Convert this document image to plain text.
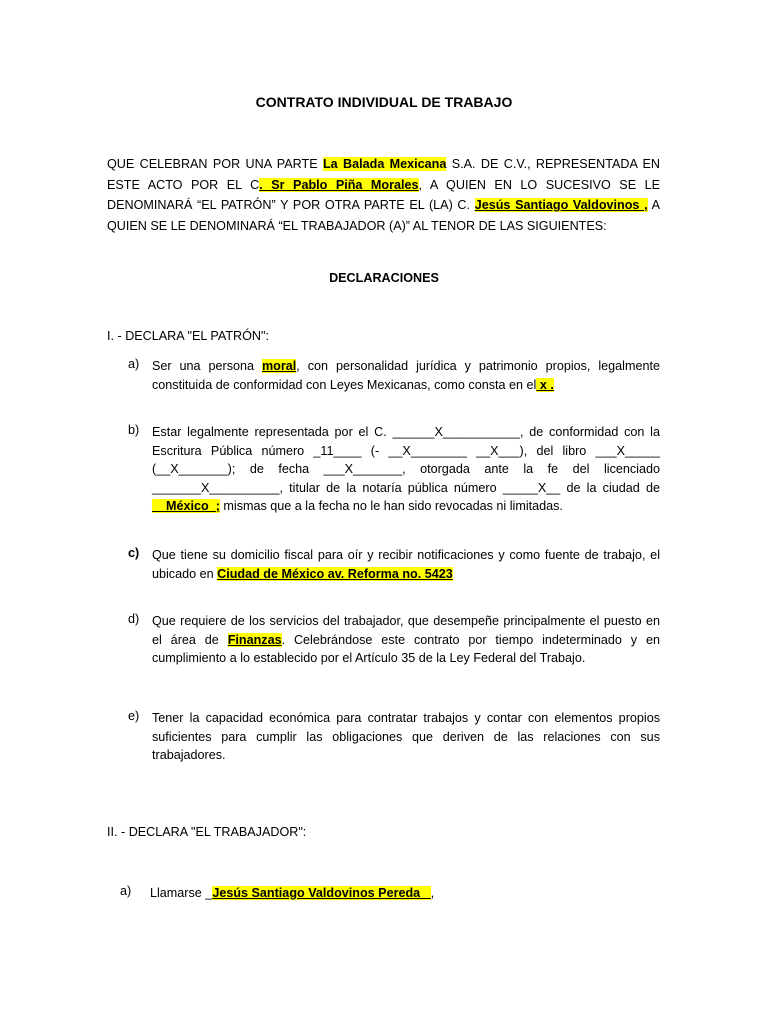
CONTRATO INDIVIDUAL DE TRABAJO
QUE CELEBRAN POR UNA PARTE La Balada Mexicana S.A. DE C.V., REPRESENTADA EN ESTE ACTO POR EL C. Sr Pablo Piña Morales, A QUIEN EN LO SUCESIVO SE LE DENOMINARÁ “EL PATRÓN” Y POR OTRA PARTE EL (LA) C. Jesús Santiago Valdovinos , A QUIEN SE LE DENOMINARÁ “EL TRABAJADOR (A)” AL TENOR DE LAS SIGUIENTES:
DECLARACIONES
I. - DECLARA "EL PATRÓN":
a)	Ser una persona moral, con personalidad jurídica y patrimonio propios, legalmente constituida de conformidad con Leyes Mexicanas, como consta en el x .
b)	Estar legalmente representada por el C. ______X___________, de conformidad con la Escritura Pública número _11____ (- __X________ __X___), del libro ___X_____ (__X_______); de fecha ___X_______, otorgada ante la fe del licenciado _______X__________, titular de la notaría pública número _____X__ de la ciudad de __México_; mismas que a la fecha no le han sido revocadas ni limitadas.
c)	Que tiene su domicilio fiscal para oír y recibir notificaciones y como fuente de trabajo, el ubicado en Ciudad de México av. Reforma no. 5423
d)	Que requiere de los servicios del trabajador, que desempeñe principalmente el puesto en el área de Finanzas. Celebrándose este contrato por tiempo indeterminado y en cumplimiento a lo establecido por el Artículo 35 de la Ley Federal del Trabajo.
e)	Tener la capacidad económica para contratar trabajos y contar con elementos propios suficientes para cumplir las obligaciones que deriven de las relaciones con sus trabajadores.
II. - DECLARA "EL TRABAJADOR":
a)	Llamarse _Jesús Santiago Valdovinos Pereda _,
